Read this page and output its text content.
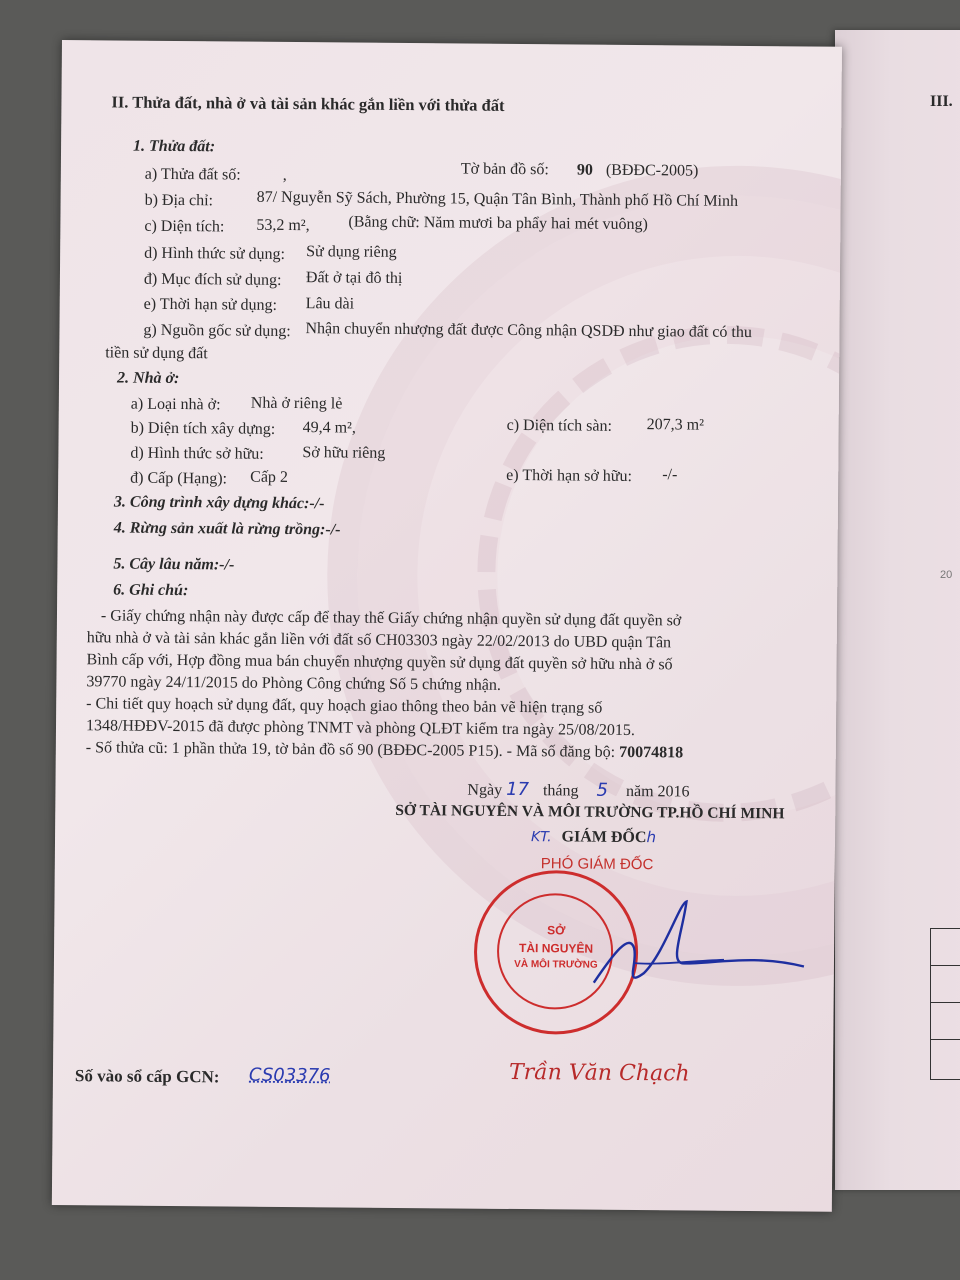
III.
20
II. Thửa đất, nhà ở và tài sản khác gắn liền với thửa đất
1. Thửa đất:
a) Thửa đất số:	,	Tờ bản đồ số: 90 (BĐĐC-2005)
b) Địa chỉ:	87/ Nguyễn Sỹ Sách, Phường 15, Quận Tân Bình, Thành phố Hồ Chí Minh
c) Diện tích: 53,2 m², (Bằng chữ: Năm mươi ba phẩy hai mét vuông)
d) Hình thức sử dụng: Sử dụng riêng
đ) Mục đích sử dụng: Đất ở tại đô thị
e) Thời hạn sử dụng: Lâu dài
g) Nguồn gốc sử dụng: Nhận chuyển nhượng đất được Công nhận QSDĐ như giao đất có thu
tiền sử dụng đất
2. Nhà ở:
a) Loại nhà ở: Nhà ở riêng lẻ
b) Diện tích xây dựng: 49,4 m²,	c) Diện tích sàn: 207,3 m²
d) Hình thức sở hữu: Sở hữu riêng
đ) Cấp (Hạng): Cấp 2	e) Thời hạn sở hữu: -/-
3. Công trình xây dựng khác:-/-
4. Rừng sản xuất là rừng trồng:-/-
5. Cây lâu năm:-/-
6. Ghi chú:
- Giấy chứng nhận này được cấp để thay thế Giấy chứng nhận quyền sử dụng đất quyền sở
hữu nhà ở và tài sản khác gắn liền với đất số CH03303 ngày 22/02/2013 do UBD quận Tân
Bình cấp với, Hợp đồng mua bán chuyển nhượng quyền sử dụng đất quyền sở hữu nhà ở số
39770 ngày 24/11/2015 do Phòng Công chứng Số 5 chứng nhận.
- Chi tiết quy hoạch sử dụng đất, quy hoạch giao thông theo bản vẽ hiện trạng số
1348/HĐĐV-2015 đã được phòng TNMT và phòng QLĐT kiểm tra ngày 25/08/2015.
- Số thửa cũ: 1 phần thửa 19, tờ bản đồ số 90 (BĐĐC-2005 P15). - Mã số đăng bộ: 70074818
Ngày 17 tháng 5 năm 2016
SỞ TÀI NGUYÊN VÀ MÔI TRƯỜNG TP.HỒ CHÍ MINH
KT. GIÁM ĐỐCh
PHÓ GIÁM ĐỐC
SỞ
TÀI NGUYÊN
VÀ MÔI TRƯỜNG
Trần Văn Chạch
Số vào sổ cấp GCN: CS03376
